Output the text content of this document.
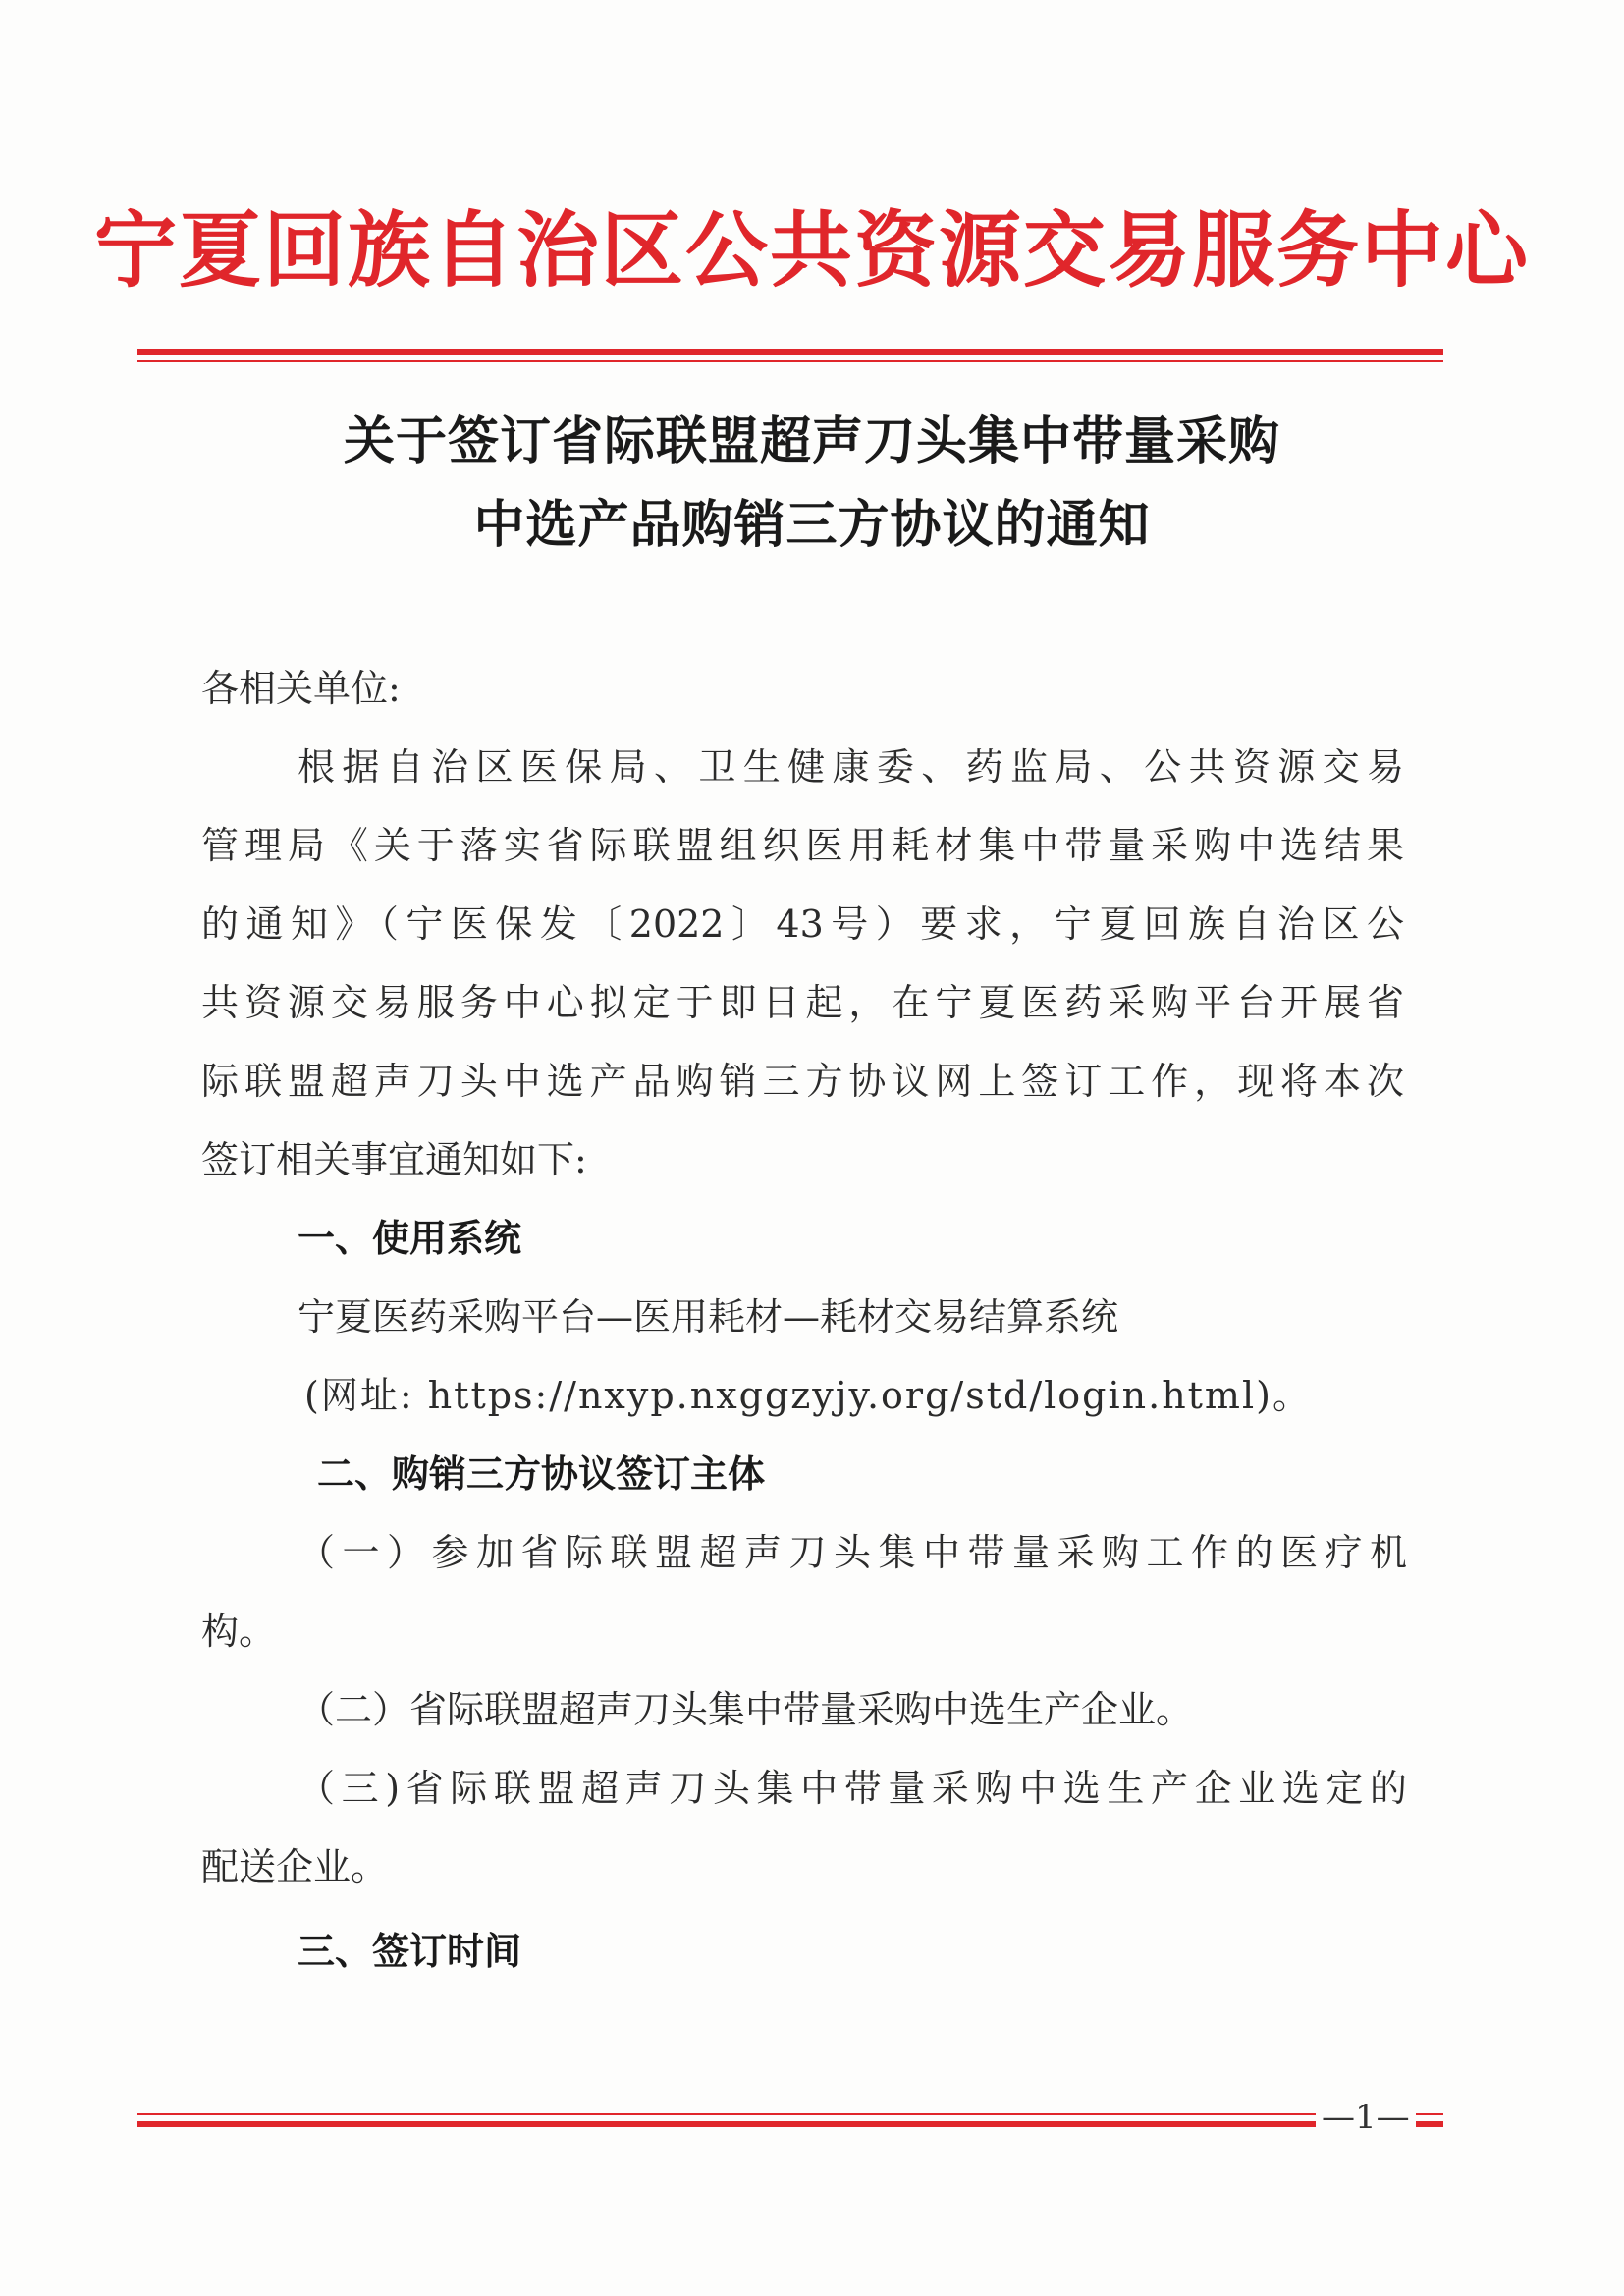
宁夏回族自治区公共资源交易服务中心
关于签订省际联盟超声刀头集中带量采购
中选产品购销三方协议的通知
各相关单位:
根据自治区医保局、卫生健康委、药监局、公共资源交易
管理局《关于落实省际联盟组织医用耗材集中带量采购中选结果
的通知》（宁医保发〔2022〕43号）要求，宁夏回族自治区公
共资源交易服务中心拟定于即日起，在宁夏医药采购平台开展省
际联盟超声刀头中选产品购销三方协议网上签订工作，现将本次
签订相关事宜通知如下:
一、使用系统
宁夏医药采购平台—医用耗材—耗材交易结算系统
(网址: https://nxyp.nxggzyjy.org/std/login.html)。
二、购销三方协议签订主体
（一）参加省际联盟超声刀头集中带量采购工作的医疗机
构。
（二）省际联盟超声刀头集中带量采购中选生产企业。
（三)省际联盟超声刀头集中带量采购中选生产企业选定的
配送企业。
三、签订时间
—1—
